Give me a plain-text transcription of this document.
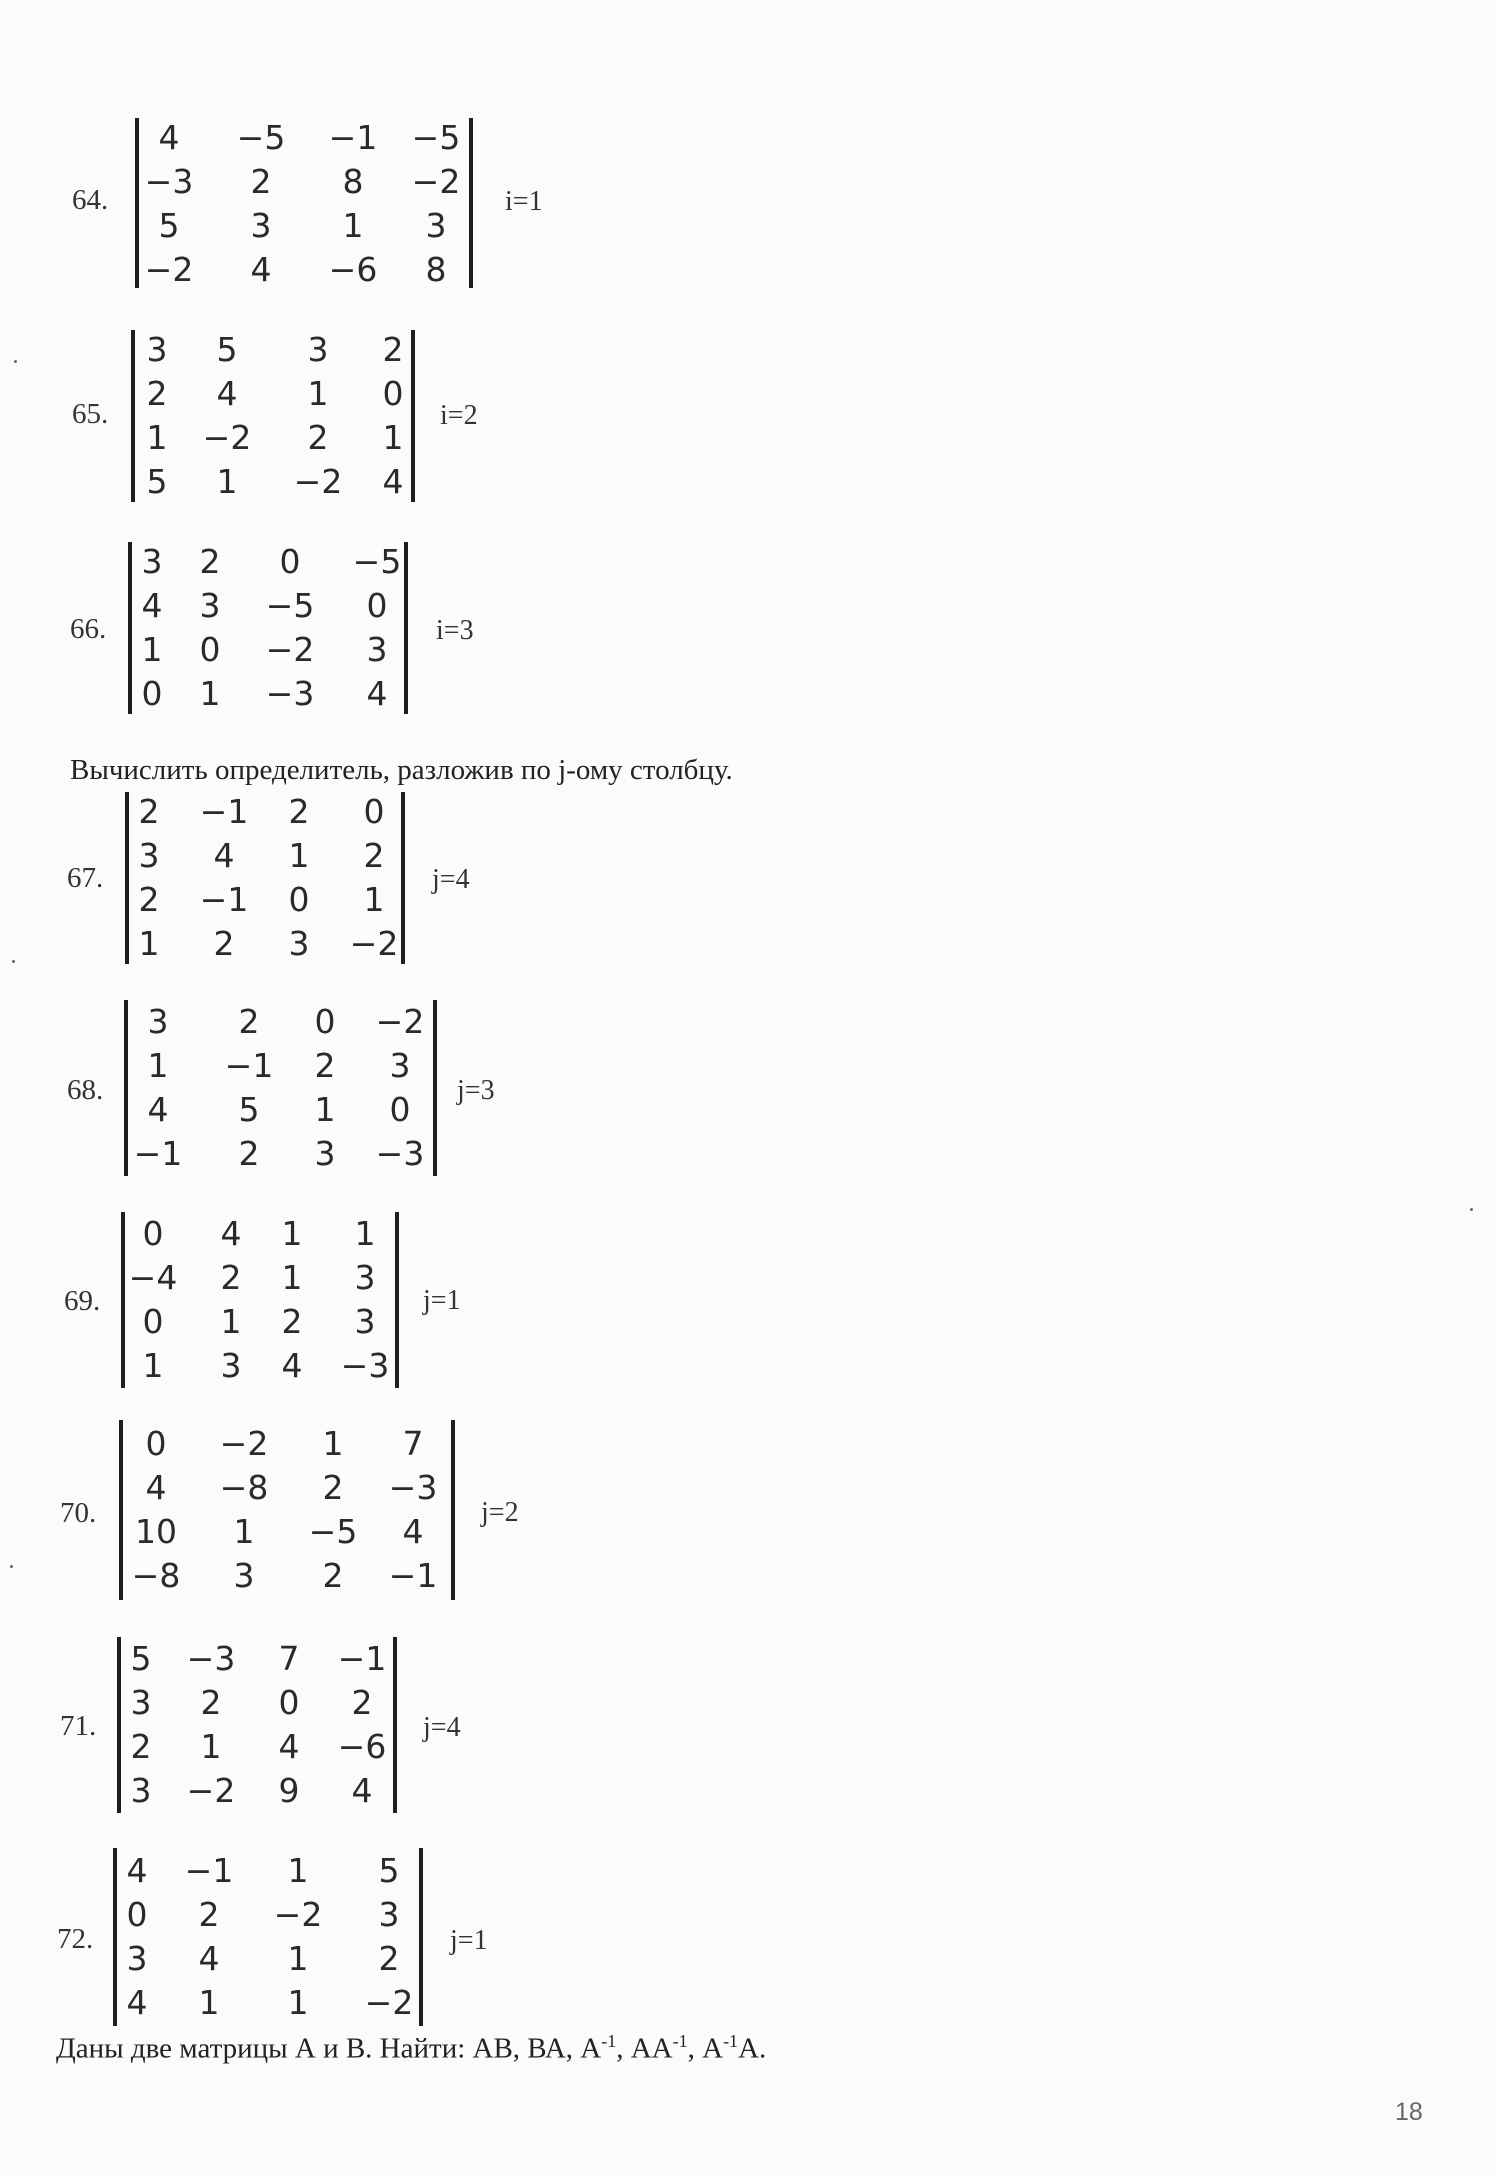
64.
4	−5	−1	−5
−3	2	8	−2
5	3	1	3
−2	4	−6	8
i=1
65.
3	5	3	2
2	4	1	0
1	−2	2	1
5	1	−2	4
i=2
66.
3	2	0	−5
4	3	−5	0
1	0	−2	3
0	1	−3	4
i=3
Вычислить определитель, разложив по j-ому столбцу.
67.
2	−1	2	0
3	4	1	2
2	−1	0	1
1	2	3	−2
j=4
68.
3	2	0	−2
1	−1	2	3
4	5	1	0
−1	2	3	−3
j=3
69.
0	4	1	1
−4	2	1	3
0	1	2	3
1	3	4	−3
j=1
70.
0	−2	1	7
4	−8	2	−3
10	1	−5	4
−8	3	2	−1
j=2
71.
5	−3	7	−1
3	2	0	2
2	1	4	−6
3	−2	9	4
j=4
72.
4	−1	1	5
0	2	−2	3
3	4	1	2
4	1	1	−2
j=1
Даны две матрицы А и В. Найти: АВ, ВА, $А^{-1}$, $АА^{-1}$, $А^{-1}А$.
18
